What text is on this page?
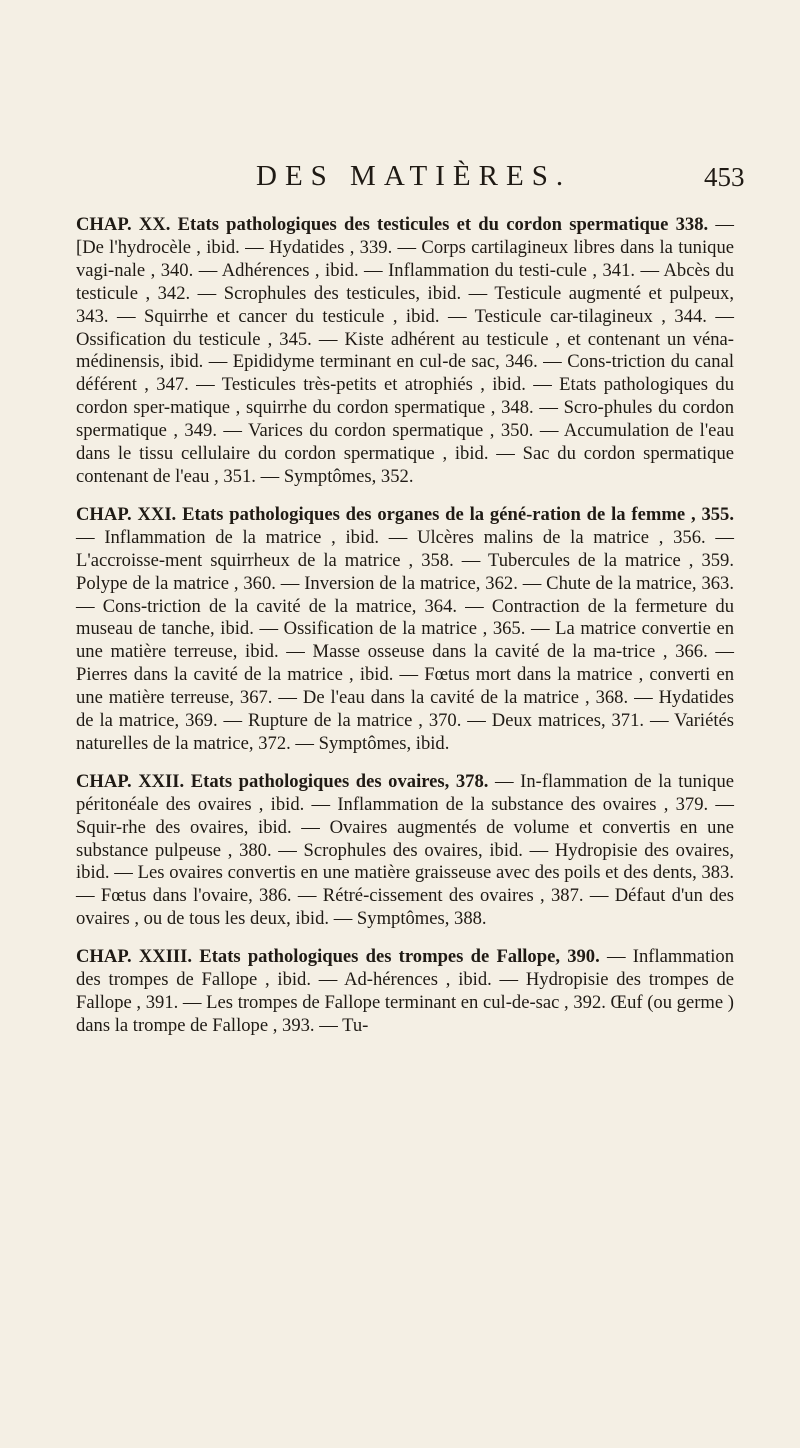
DES MATIÈRES.	453

CHAP. XX. Etats pathologiques des testicules et du cordon spermatique 338. — [De l'hydrocèle , ibid. — Hydatides , 339. — Corps cartilagineux libres dans la tunique vagi-nale , 340. — Adhérences , ibid. — Inflammation du testi-cule , 341. — Abcès du testicule , 342. — Scrophules des testicules, ibid. — Testicule augmenté et pulpeux, 343. — Squirrhe et cancer du testicule , ibid. — Testicule car-tilagineux , 344. — Ossification du testicule , 345. — Kiste adhérent au testicule , et contenant un véna-médinensis, ibid. — Epididyme terminant en cul-de sac, 346. — Cons-triction du canal déférent , 347. — Testicules très-petits et atrophiés , ibid. — Etats pathologiques du cordon sper-matique , squirrhe du cordon spermatique , 348. — Scro-phules du cordon spermatique , 349. — Varices du cordon spermatique , 350. — Accumulation de l'eau dans le tissu cellulaire du cordon spermatique , ibid. — Sac du cordon spermatique contenant de l'eau , 351. — Symptômes, 352.

CHAP. XXI. Etats pathologiques des organes de la géné-ration de la femme , 355. — Inflammation de la matrice , ibid. — Ulcères malins de la matrice , 356. — L'accroisse-ment squirrheux de la matrice , 358. — Tubercules de la matrice , 359. Polype de la matrice , 360. — Inversion de la matrice, 362. — Chute de la matrice, 363. — Cons-triction de la cavité de la matrice, 364. — Contraction de la fermeture du museau de tanche, ibid. — Ossification de la matrice , 365. — La matrice convertie en une matière terreuse, ibid. — Masse osseuse dans la cavité de la ma-trice , 366. — Pierres dans la cavité de la matrice , ibid. — Fœtus mort dans la matrice , converti en une matière terreuse, 367. — De l'eau dans la cavité de la matrice , 368. — Hydatides de la matrice, 369. — Rupture de la matrice , 370. — Deux matrices, 371. — Variétés naturelles de la matrice, 372. — Symptômes, ibid.

CHAP. XXII. Etats pathologiques des ovaires, 378. — In-flammation de la tunique péritonéale des ovaires , ibid. — Inflammation de la substance des ovaires , 379. — Squir-rhe des ovaires, ibid. — Ovaires augmentés de volume et convertis en une substance pulpeuse , 380. — Scrophules des ovaires, ibid. — Hydropisie des ovaires, ibid. — Les ovaires convertis en une matière graisseuse avec des poils et des dents, 383. — Fœtus dans l'ovaire, 386. — Rétré-cissement des ovaires , 387. — Défaut d'un des ovaires , ou de tous les deux, ibid. — Symptômes, 388.

CHAP. XXIII. Etats pathologiques des trompes de Fallope, 390. — Inflammation des trompes de Fallope , ibid. — Ad-hérences , ibid. — Hydropisie des trompes de Fallope , 391. — Les trompes de Fallope terminant en cul-de-sac , 392. Œuf (ou germe ) dans la trompe de Fallope , 393. — Tu-
